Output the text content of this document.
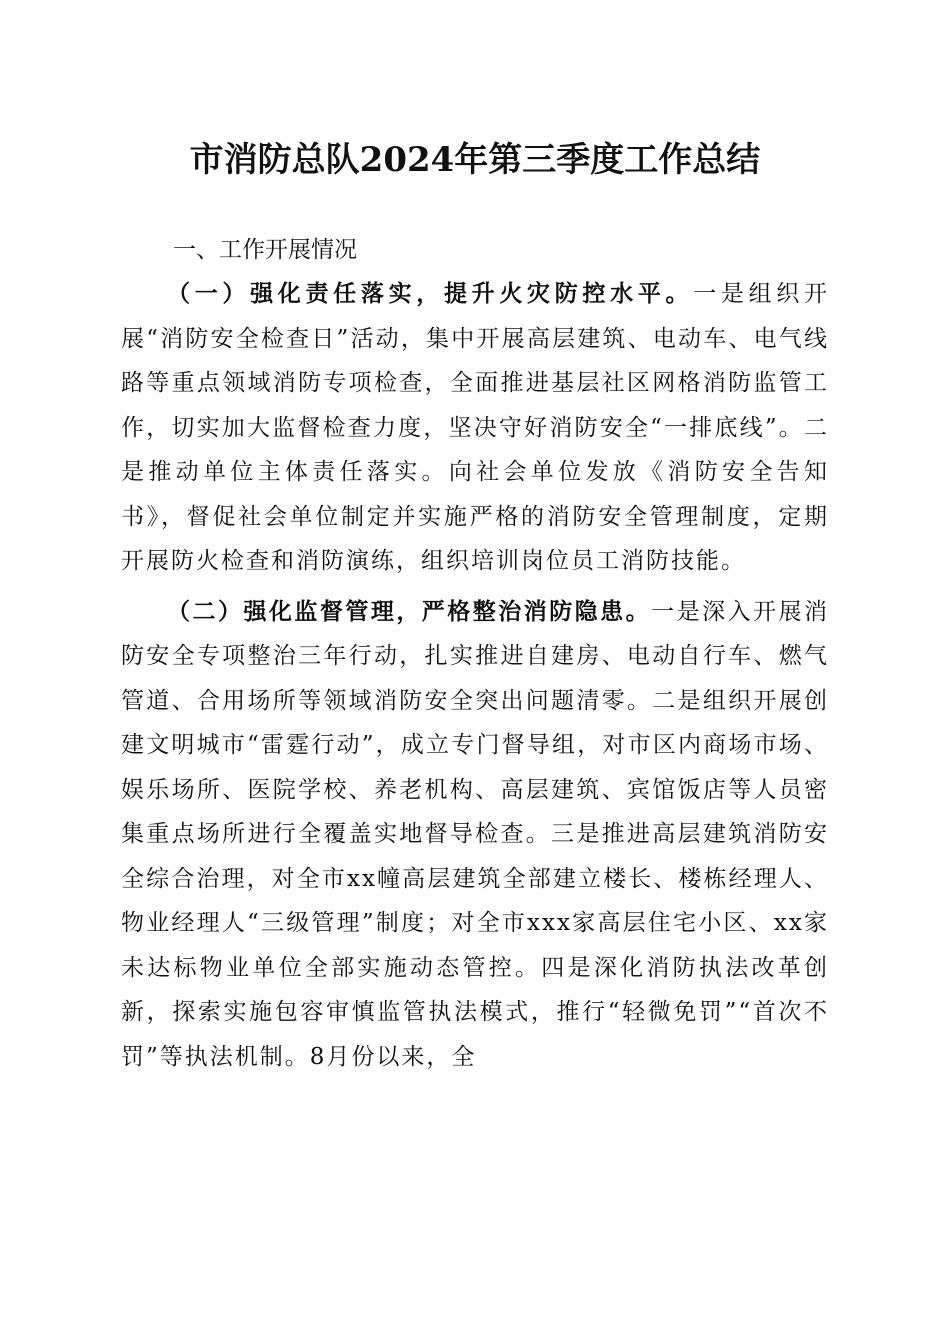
市消防总队2024年第三季度工作总结
一、工作开展情况

（一）强化责任落实，提升火灾防控水平。一是组织开展“消防安全检查日”活动，集中开展高层建筑、电动车、电气线路等重点领域消防专项检查，全面推进基层社区网格消防监管工作，切实加大监督检查力度，坚决守好消防安全“一排底线”。二是推动单位主体责任落实。向社会单位发放《消防安全告知书》，督促社会单位制定并实施严格的消防安全管理制度，定期开展防火检查和消防演练，组织培训岗位员工消防技能。

（二）强化监督管理，严格整治消防隐患。一是深入开展消防安全专项整治三年行动，扎实推进自建房、电动自行车、燃气管道、合用场所等领域消防安全突出问题清零。二是组织开展创建文明城市“雷霆行动”，成立专门督导组，对市区内商场市场、娱乐场所、医院学校、养老机构、高层建筑、宾馆饭店等人员密集重点场所进行全覆盖实地督导检查。三是推进高层建筑消防安全综合治理，对全市xx幢高层建筑全部建立楼长、楼栋经理人、物业经理人“三级管理”制度；对全市xxx家高层住宅小区、xx家未达标物业单位全部实施动态管控。四是深化消防执法改革创新，探索实施包容审慎监管执法模式，推行“轻微免罚”“首次不罚”等执法机制。8月份以来，全
